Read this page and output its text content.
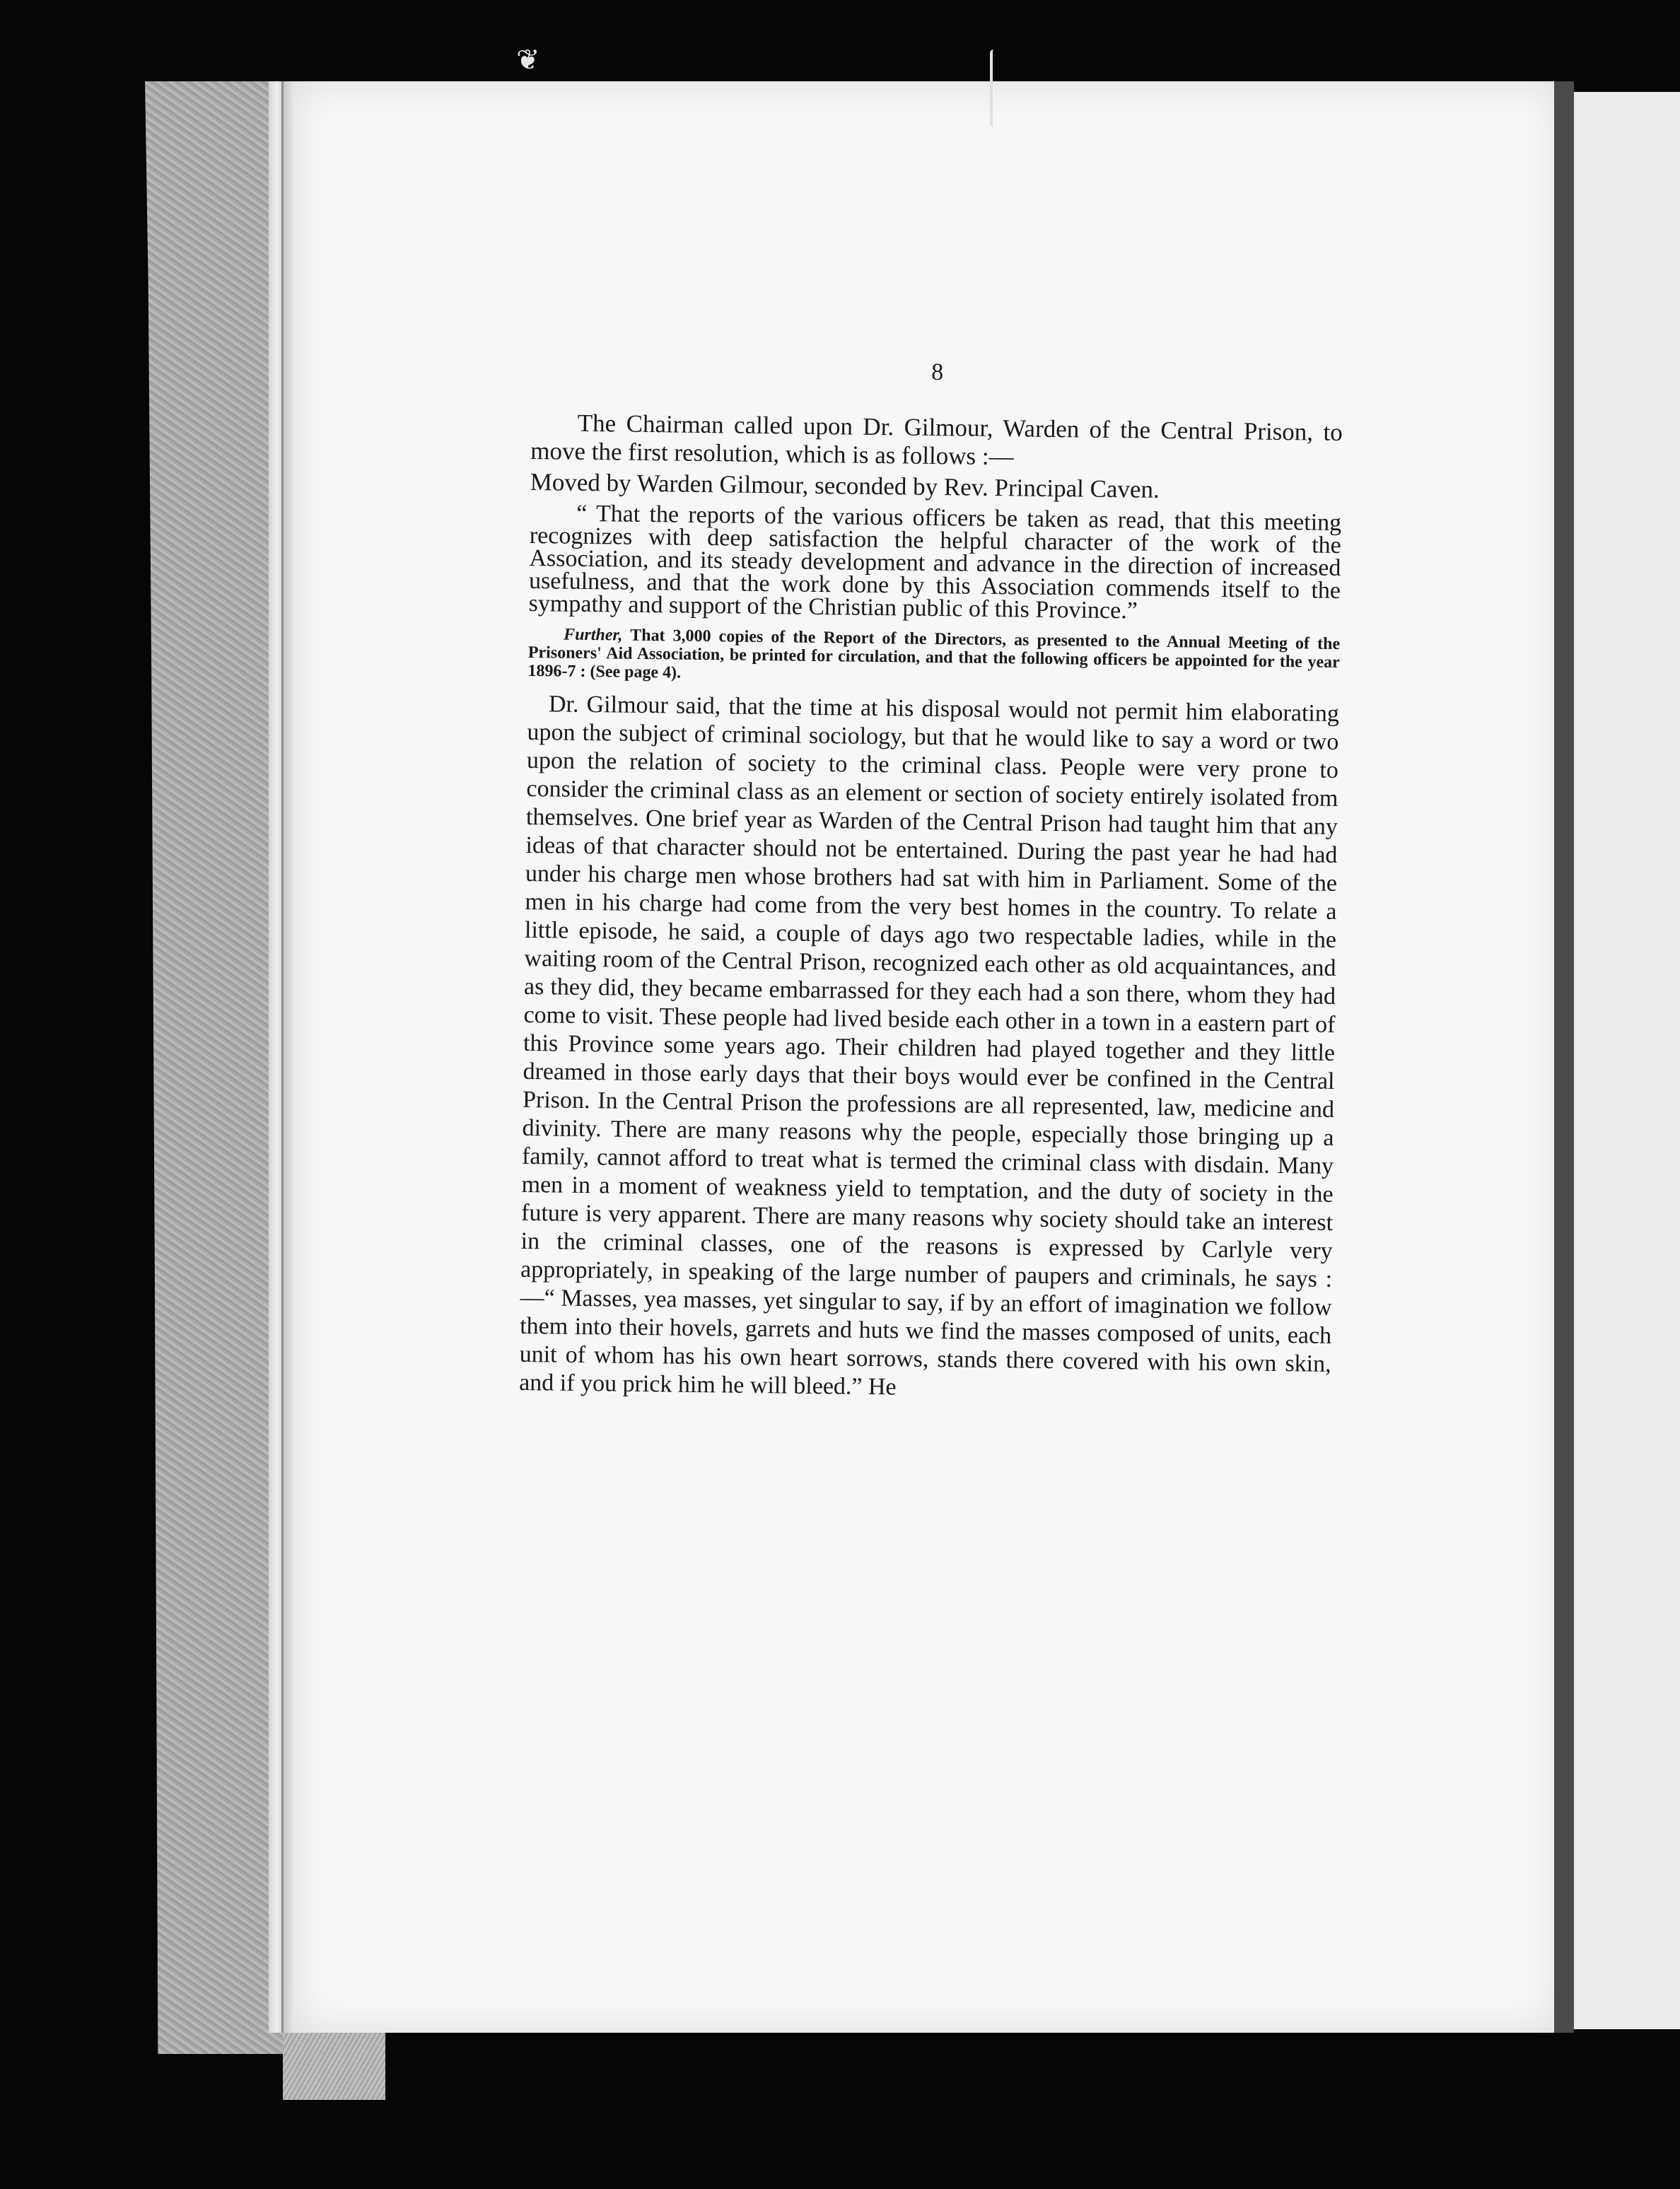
❦
8

The Chairman called upon Dr. Gilmour, Warden of the Central Prison, to move the first resolution, which is as follows :—

Moved by Warden Gilmour, seconded by Rev. Principal Caven.

“ That the reports of the various officers be taken as read, that this meeting recognizes with deep satisfaction the helpful character of the work of the Association, and its steady development and advance in the direction of increased usefulness, and that the work done by this Association commends itself to the sympathy and support of the Christian public of this Province.”

Further, That 3,000 copies of the Report of the Directors, as presented to the Annual Meeting of the Prisoners' Aid Association, be printed for circulation, and that the following officers be appointed for the year 1896-7 : (See page 4).

Dr. Gilmour said, that the time at his disposal would not permit him elaborating upon the subject of criminal sociology, but that he would like to say a word or two upon the relation of society to the criminal class. People were very prone to consider the criminal class as an element or section of society entirely isolated from themselves. One brief year as Warden of the Central Prison had taught him that any ideas of that character should not be entertained. During the past year he had had under his charge men whose brothers had sat with him in Parliament. Some of the men in his charge had come from the very best homes in the country. To relate a little episode, he said, a couple of days ago two respectable ladies, while in the waiting room of the Central Prison, recognized each other as old acquaintances, and as they did, they became embarrassed for they each had a son there, whom they had come to visit. These people had lived beside each other in a town in a eastern part of this Province some years ago. Their children had played together and they little dreamed in those early days that their boys would ever be confined in the Central Prison. In the Central Prison the professions are all represented, law, medicine and divinity. There are many reasons why the people, especially those bringing up a family, cannot afford to treat what is termed the criminal class with disdain. Many men in a moment of weakness yield to temptation, and the duty of society in the future is very apparent. There are many reasons why society should take an interest in the criminal classes, one of the reasons is expressed by Carlyle very appropriately, in speaking of the large number of paupers and criminals, he says :—“ Masses, yea masses, yet singular to say, if by an effort of imagination we follow them into their hovels, garrets and huts we find the masses composed of units, each unit of whom has his own heart sorrows, stands there covered with his own skin, and if you prick him he will bleed.” He
